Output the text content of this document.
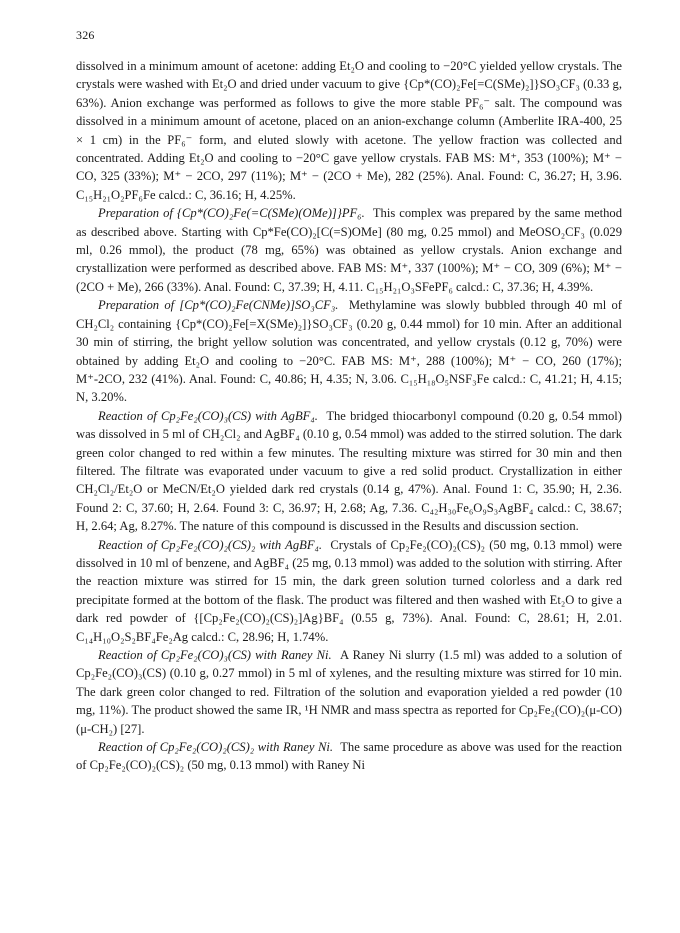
326

dissolved in a minimum amount of acetone: adding Et₂O and cooling to −20°C yielded yellow crystals. The crystals were washed with Et₂O and dried under vacuum to give {Cp*(CO)₂Fe[=C(SMe)₂]}SO₃CF₃ (0.33 g, 63%). Anion exchange was performed as follows to give the more stable PF₆⁻ salt. The compound was dissolved in a minimum amount of acetone, placed on an anion-exchange column (Amberlite IRA-400, 25 × 1 cm) in the PF₆⁻ form, and eluted slowly with acetone. The yellow fraction was collected and concentrated. Adding Et₂O and cooling to −20°C gave yellow crystals. FAB MS: M⁺, 353 (100%); M⁺ − CO, 325 (33%); M⁺ − 2CO, 297 (11%); M⁺ − (2CO + Me), 282 (25%). Anal. Found: C, 36.27; H, 3.96. C₁₅H₂₁O₂PF₆Fe calcd.: C, 36.16; H, 4.25%.

Preparation of {Cp*(CO)₂Fe(=C(SMe)(OMe)]}PF₆. This complex was prepared by the same method as described above. Starting with Cp*Fe(CO)₂[C(=S)OMe] (80 mg, 0.25 mmol) and MeOSO₂CF₃ (0.029 ml, 0.26 mmol), the product (78 mg, 65%) was obtained as yellow crystals. Anion exchange and crystallization were performed as described above. FAB MS: M⁺, 337 (100%); M⁺ − CO, 309 (6%); M⁺ − (2CO + Me), 266 (33%). Anal. Found: C, 37.39; H, 4.11. C₁₅H₂₁O₃SFePF₆ calcd.: C, 37.36; H, 4.39%.

Preparation of [Cp*(CO)₂Fe(CNMe)]SO₃CF₃. Methylamine was slowly bubbled through 40 ml of CH₂Cl₂ containing {Cp*(CO)₂Fe[=X(SMe)₂]}SO₃CF₃ (0.20 g, 0.44 mmol) for 10 min. After an additional 30 min of stirring, the bright yellow solution was concentrated, and yellow crystals (0.12 g, 70%) were obtained by adding Et₂O and cooling to −20°C. FAB MS: M⁺, 288 (100%); M⁺ − CO, 260 (17%); M⁺-2CO, 232 (41%). Anal. Found: C, 40.86; H, 4.35; N, 3.06. C₁₅H₁₈O₅NSF₃Fe calcd.: C, 41.21; H, 4.15; N, 3.20%.

Reaction of Cp₂Fe₂(CO)₃(CS) with AgBF₄. The bridged thiocarbonyl compound (0.20 g, 0.54 mmol) was dissolved in 5 ml of CH₂Cl₂ and AgBF₄ (0.10 g, 0.54 mmol) was added to the stirred solution. The dark green color changed to red within a few minutes. The resulting mixture was stirred for 30 min and then filtered. The filtrate was evaporated under vacuum to give a red solid product. Crystallization in either CH₂Cl₂/Et₂O or MeCN/Et₂O yielded dark red crystals (0.14 g, 47%). Anal. Found 1: C, 35.90; H, 2.36. Found 2: C, 37.60; H, 2.64. Found 3: C, 36.97; H, 2.68; Ag, 7.36. C₄₂H₃₀Fe₆O₉S₃AgBF₄ calcd.: C, 38.67; H, 2.64; Ag, 8.27%. The nature of this compound is discussed in the Results and discussion section.

Reaction of Cp₂Fe₂(CO)₂(CS)₂ with AgBF₄. Crystals of Cp₂Fe₂(CO)₂(CS)₂ (50 mg, 0.13 mmol) were dissolved in 10 ml of benzene, and AgBF₄ (25 mg, 0.13 mmol) was added to the solution with stirring. After the reaction mixture was stirred for 15 min, the dark green solution turned colorless and a dark red precipitate formed at the bottom of the flask. The product was filtered and then washed with Et₂O to give a dark red powder of {[Cp₂Fe₂(CO)₂(CS)₂]Ag}BF₄ (0.55 g, 73%). Anal. Found: C, 28.61; H, 2.01. C₁₄H₁₀O₂S₂BF₄Fe₂Ag calcd.: C, 28.96; H, 1.74%.

Reaction of Cp₂Fe₂(CO)₃(CS) with Raney Ni. A Raney Ni slurry (1.5 ml) was added to a solution of Cp₂Fe₂(CO)₃(CS) (0.10 g, 0.27 mmol) in 5 ml of xylenes, and the resulting mixture was stirred for 10 min. The dark green color changed to red. Filtration of the solution and evaporation yielded a red powder (10 mg, 11%). The product showed the same IR, ¹H NMR and mass spectra as reported for Cp₂Fe₂(CO)₂(μ-CO)(μ-CH₂) [27].

Reaction of Cp₂Fe₂(CO)₂(CS)₂ with Raney Ni. The same procedure as above was used for the reaction of Cp₂Fe₂(CO)₂(CS)₂ (50 mg, 0.13 mmol) with Raney Ni
